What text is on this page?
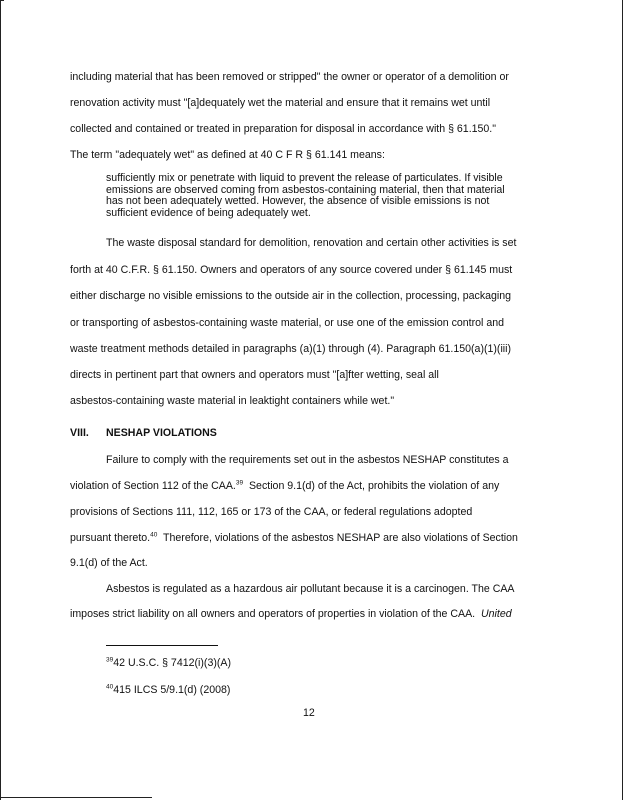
including material that has been removed or stripped" the owner or operator of a demolition or
renovation activity must "[a]dequately wet the material and ensure that it remains wet until
collected and contained or treated in preparation for disposal in accordance with § 61.150."
The term "adequately wet" as defined at 40 C F R § 61.141 means:
sufficiently mix or penetrate with liquid to prevent the release of particulates. If visible
emissions are observed coming from asbestos-containing material, then that material
has not been adequately wetted. However, the absence of visible emissions is not
sufficient evidence of being adequately wet.
The waste disposal standard for demolition, renovation and certain other activities is set
forth at 40 C.F.R. § 61.150. Owners and operators of any source covered under § 61.145 must
either discharge no visible emissions to the outside air in the collection, processing, packaging
or transporting of asbestos-containing waste material, or use one of the emission control and
waste treatment methods detailed in paragraphs (a)(1) through (4). Paragraph 61.150(a)(1)(iii)
directs in pertinent part that owners and operators must "[a]fter wetting, seal all
asbestos-containing waste material in leaktight containers while wet."
VIII. NESHAP VIOLATIONS
Failure to comply with the requirements set out in the asbestos NESHAP constitutes a
violation of Section 112 of the CAA.$^{39}$  Section 9.1(d) of the Act, prohibits the violation of any
provisions of Sections 111, 112, 165 or 173 of the CAA, or federal regulations adopted
pursuant thereto.$^{40}$  Therefore, violations of the asbestos NESHAP are also violations of Section
9.1(d) of the Act.
Asbestos is regulated as a hazardous air pollutant because it is a carcinogen. The CAA
imposes strict liability on all owners and operators of properties in violation of the CAA.  United
$^{39}$42 U.S.C. § 7412(i)(3)(A)
$^{40}$415 ILCS 5/9.1(d) (2008)
12
